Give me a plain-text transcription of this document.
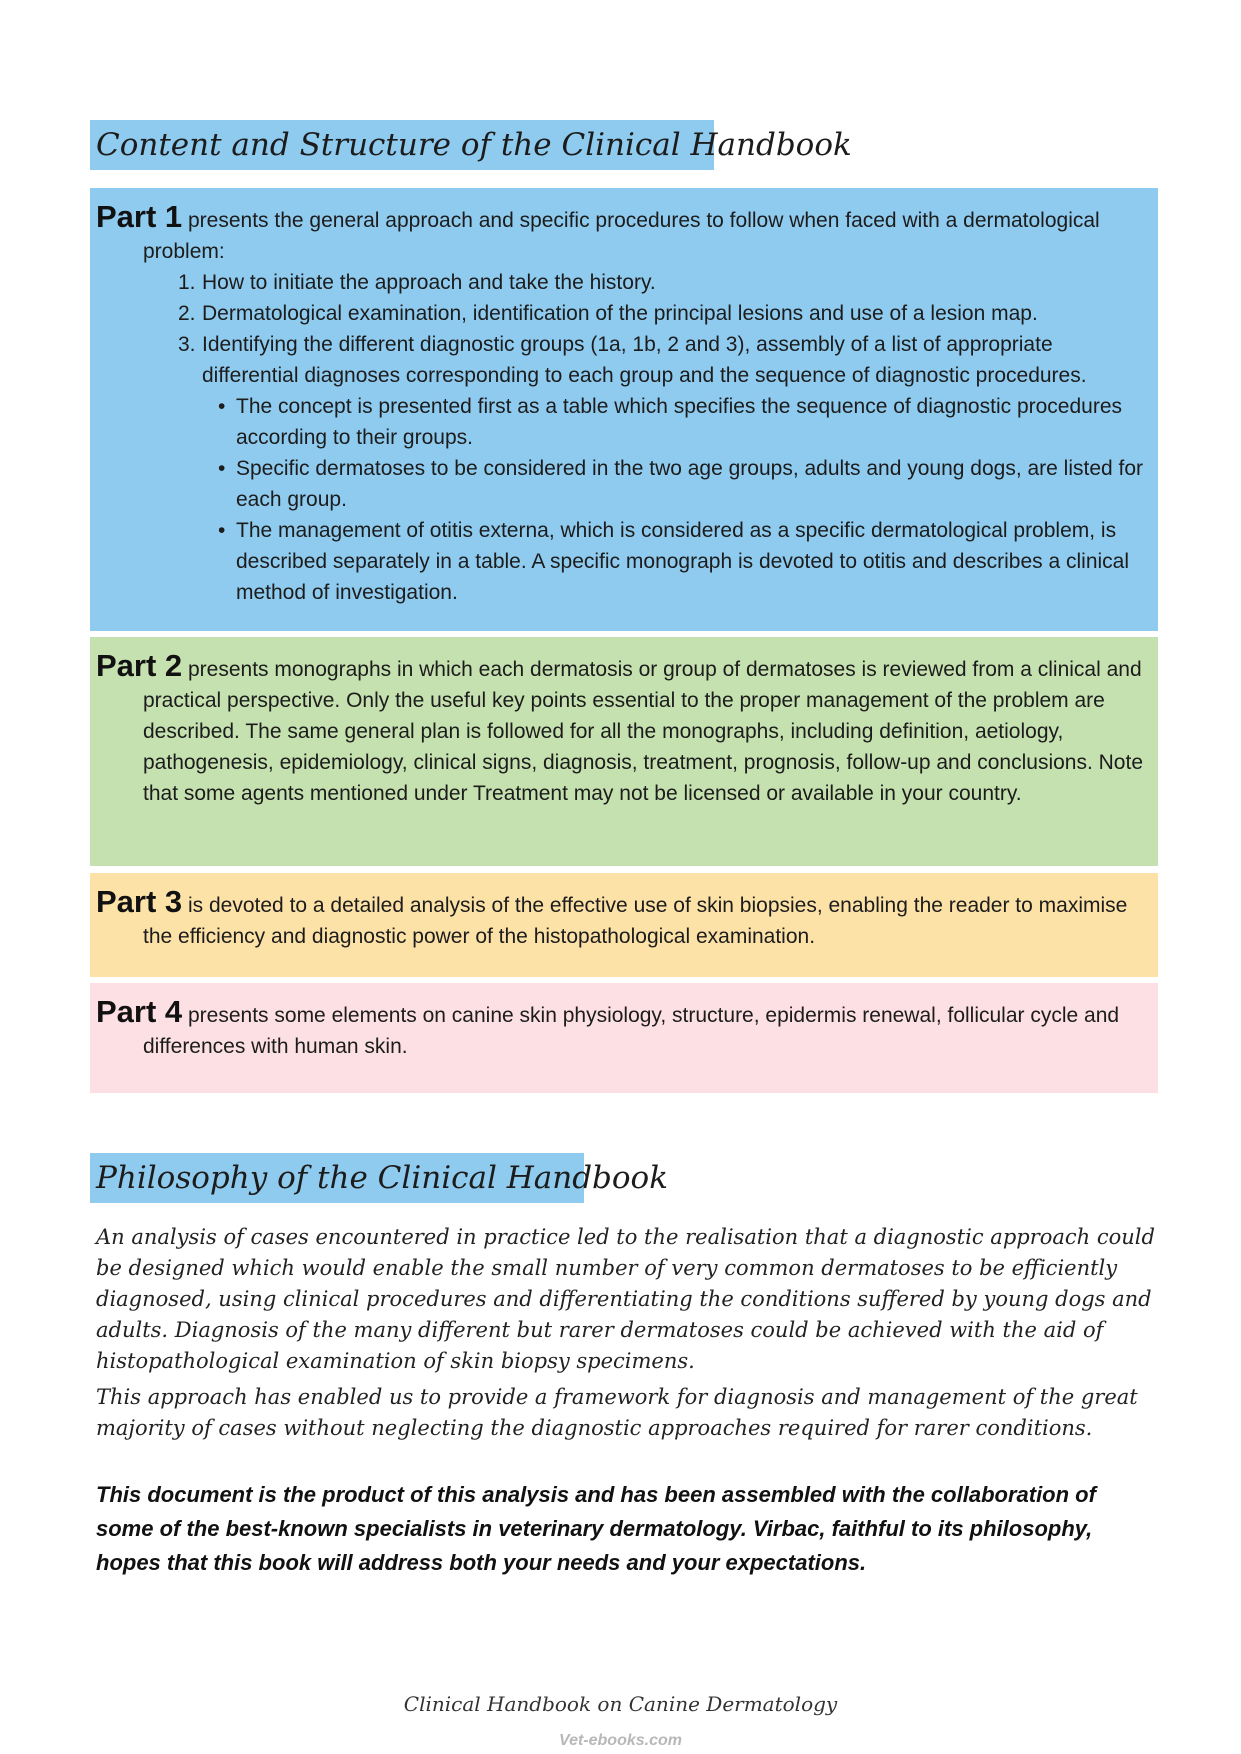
Content and Structure of the Clinical Handbook
Part 1 presents the general approach and specific procedures to follow when faced with a dermatological problem:
1. How to initiate the approach and take the history.
2. Dermatological examination, identification of the principal lesions and use of a lesion map.
3. Identifying the different diagnostic groups (1a, 1b, 2 and 3), assembly of a list of appropriate differential diagnoses corresponding to each group and the sequence of diagnostic procedures.
• The concept is presented first as a table which specifies the sequence of diagnostic procedures according to their groups.
• Specific dermatoses to be considered in the two age groups, adults and young dogs, are listed for each group.
• The management of otitis externa, which is considered as a specific dermatological problem, is described separately in a table. A specific monograph is devoted to otitis and describes a clinical method of investigation.
Part 2 presents monographs in which each dermatosis or group of dermatoses is reviewed from a clinical and practical perspective. Only the useful key points essential to the proper management of the problem are described. The same general plan is followed for all the monographs, including definition, aetiology, pathogenesis, epidemiology, clinical signs, diagnosis, treatment, prognosis, follow-up and conclusions. Note that some agents mentioned under Treatment may not be licensed or available in your country.
Part 3 is devoted to a detailed analysis of the effective use of skin biopsies, enabling the reader to maximise the efficiency and diagnostic power of the histopathological examination.
Part 4 presents some elements on canine skin physiology, structure, epidermis renewal, follicular cycle and differences with human skin.
Philosophy of the Clinical Handbook
An analysis of cases encountered in practice led to the realisation that a diagnostic approach could be designed which would enable the small number of very common dermatoses to be efficiently diagnosed, using clinical procedures and differentiating the conditions suffered by young dogs and adults. Diagnosis of the many different but rarer dermatoses could be achieved with the aid of histopathological examination of skin biopsy specimens.
This approach has enabled us to provide a framework for diagnosis and management of the great majority of cases without neglecting the diagnostic approaches required for rarer conditions.
This document is the product of this analysis and has been assembled with the collaboration of some of the best-known specialists in veterinary dermatology. Virbac, faithful to its philosophy, hopes that this book will address both your needs and your expectations.
Clinical Handbook on Canine Dermatology
Vet-ebooks.com
